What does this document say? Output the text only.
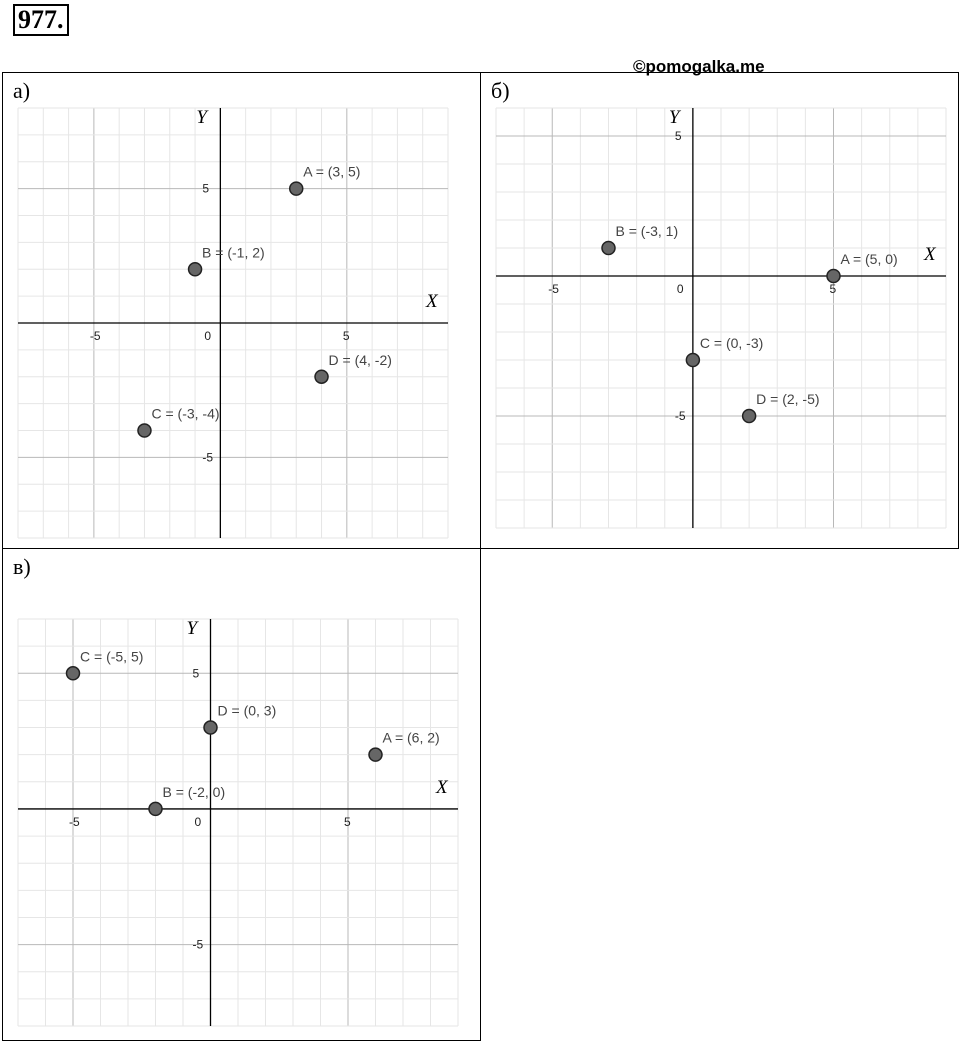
977.
©pomogalka.me
а)
X
Y
-5	0	5
5
-5
A = (3, 5)
B = (-1, 2)
D = (4, -2)
C = (-3, -4)
б)
X
Y
-5	0	5
5
-5
B = (-3, 1)
A = (5, 0)
C = (0, -3)
D = (2, -5)
в)
X
Y
-5	0	5
5
-5
C = (-5, 5)
D = (0, 3)
A = (6, 2)
B = (-2, 0)
